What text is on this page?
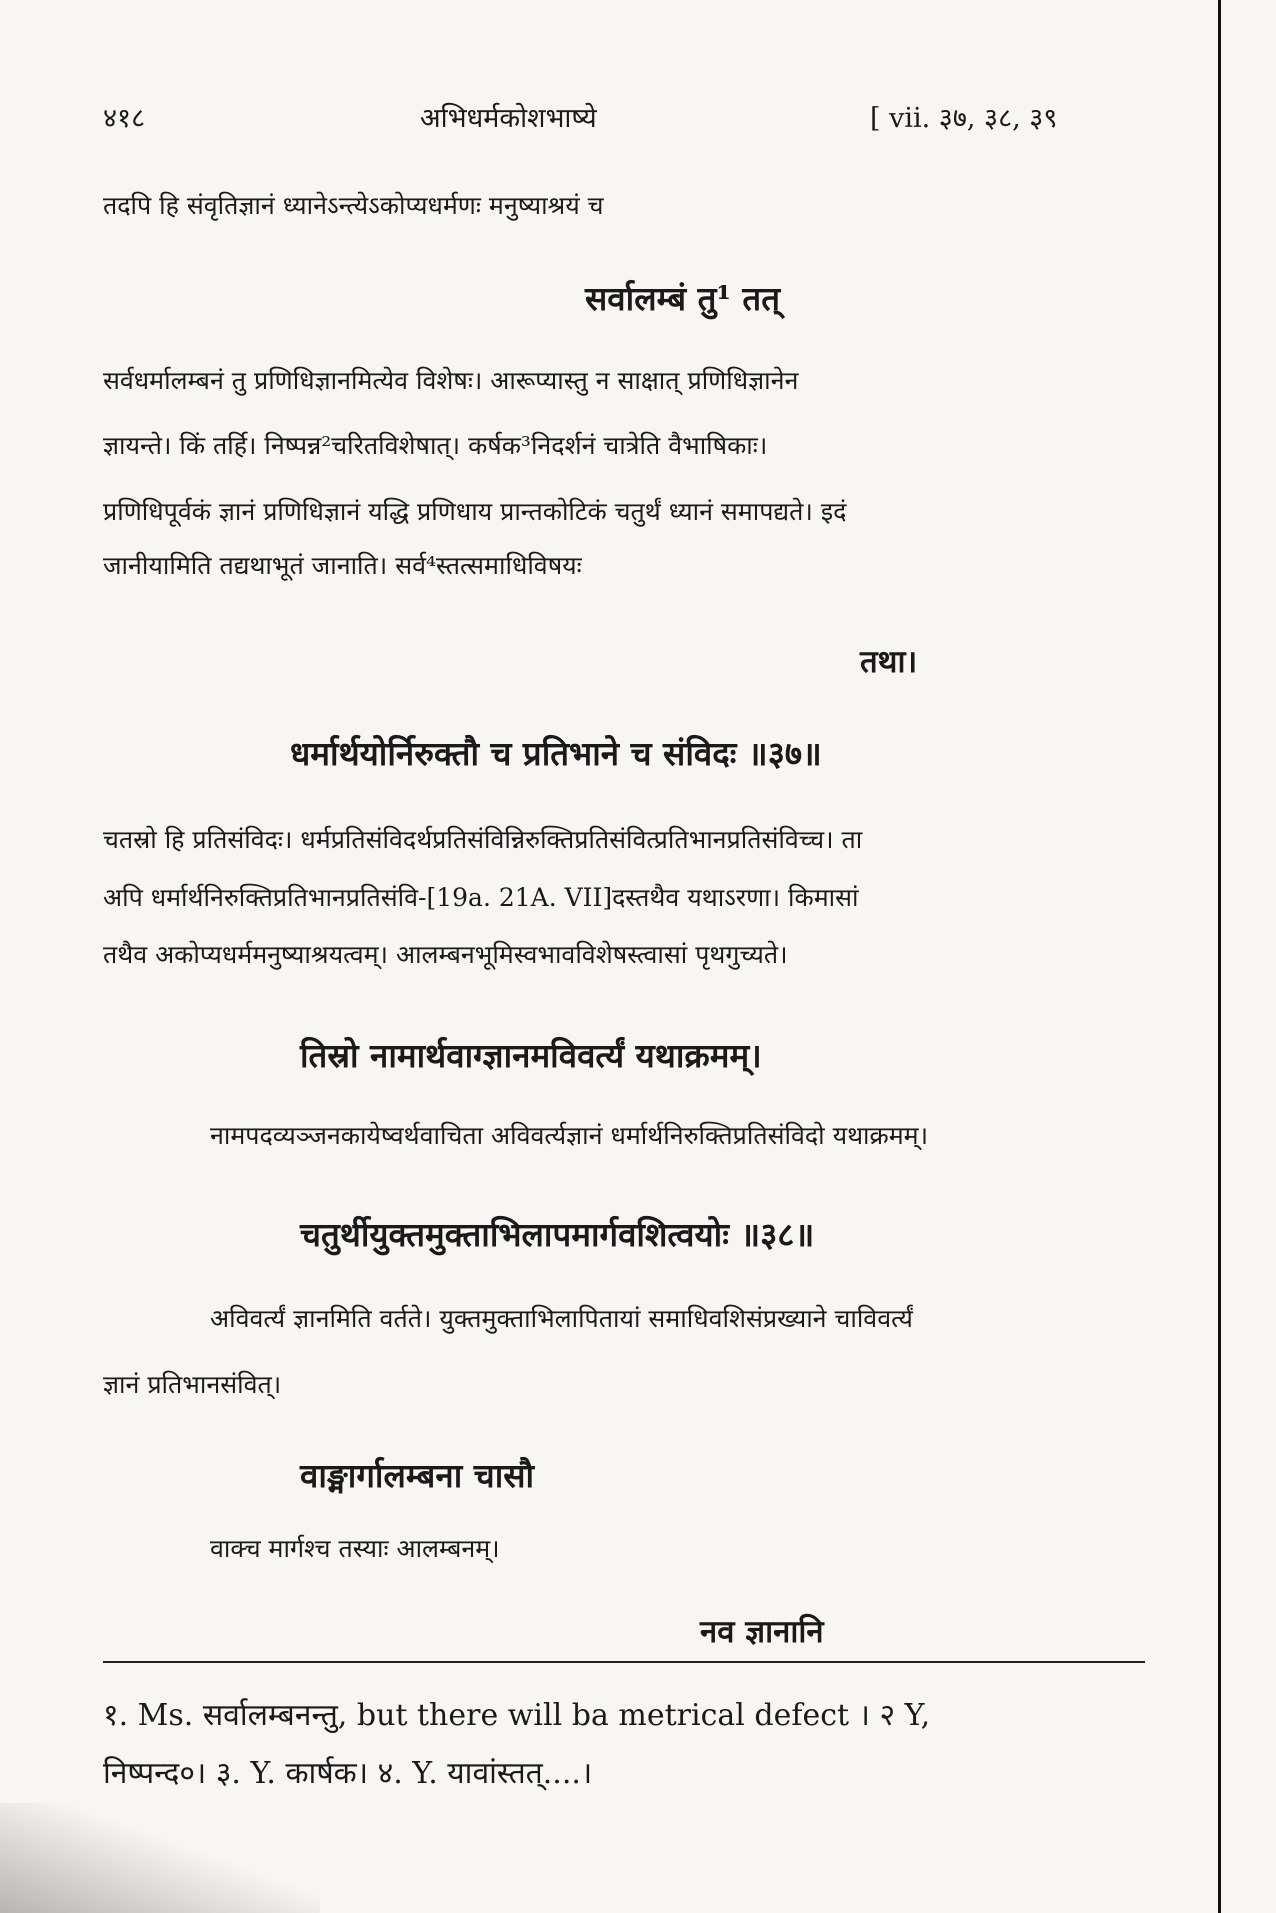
४१८	अभिधर्मकोशभाष्ये	[ vii. ३७, ३८, ३९
तदपि हि संवृतिज्ञानं ध्यानेऽन्त्येऽकोप्यधर्मणः मनुष्याश्रयं च
सर्वालम्बं तु¹ तत्
सर्वधर्मालम्बनं तु प्रणिधिज्ञानमित्येव विशेषः। आरूप्यास्तु न साक्षात् प्रणिधिज्ञानेन
ज्ञायन्ते। किं तर्हि। निष्पन्न²चरितविशेषात्। कर्षक³निदर्शनं चात्रेति वैभाषिकाः।
प्रणिधिपूर्वकं ज्ञानं प्रणिधिज्ञानं यद्धि प्रणिधाय प्रान्तकोटिकं चतुर्थं ध्यानं समापद्यते। इदं
जानीयामिति तद्यथाभूतं जानाति। सर्व⁴स्तत्समाधिविषयः
तथा।
धर्मार्थयोर्निरुक्तौ च प्रतिभाने च संविदः ॥३७॥
चतस्रो हि प्रतिसंविदः। धर्मप्रतिसंविदर्थप्रतिसंविन्निरुक्तिप्रतिसंवित्प्रतिभानप्रतिसंविच्च। ता
अपि धर्मार्थनिरुक्तिप्रतिभानप्रतिसंवि-[19a. 21A. VII]दस्तथैव यथाऽरणा। किमासां
तथैव अकोप्यधर्ममनुष्याश्रयत्वम्। आलम्बनभूमिस्वभावविशेषस्त्वासां पृथगुच्यते।
तिस्रो नामार्थवाग्ज्ञानमविवर्त्यं यथाक्रमम्।
नामपदव्यञ्जनकायेष्वर्थवाचिता अविवर्त्यज्ञानं धर्मार्थनिरुक्तिप्रतिसंविदो यथाक्रमम्।
चतुर्थीयुक्तमुक्ताभिलापमार्गवशित्वयोः ॥३८॥
अविवर्त्यं ज्ञानमिति वर्तते। युक्तमुक्ताभिलापितायां समाधिवशिसंप्रख्याने चाविवर्त्यं
ज्ञानं प्रतिभानसंवित्।
वाङ्मार्गालम्बना चासौ
वाक्च मार्गश्च तस्याः आलम्बनम्।
नव ज्ञानानि
१. Ms. सर्वालम्बनन्तु, but there will ba metrical defect । २ Y,
निष्पन्द०। ३. Y. कार्षक। ४. Y. यावांस्तत्....।
